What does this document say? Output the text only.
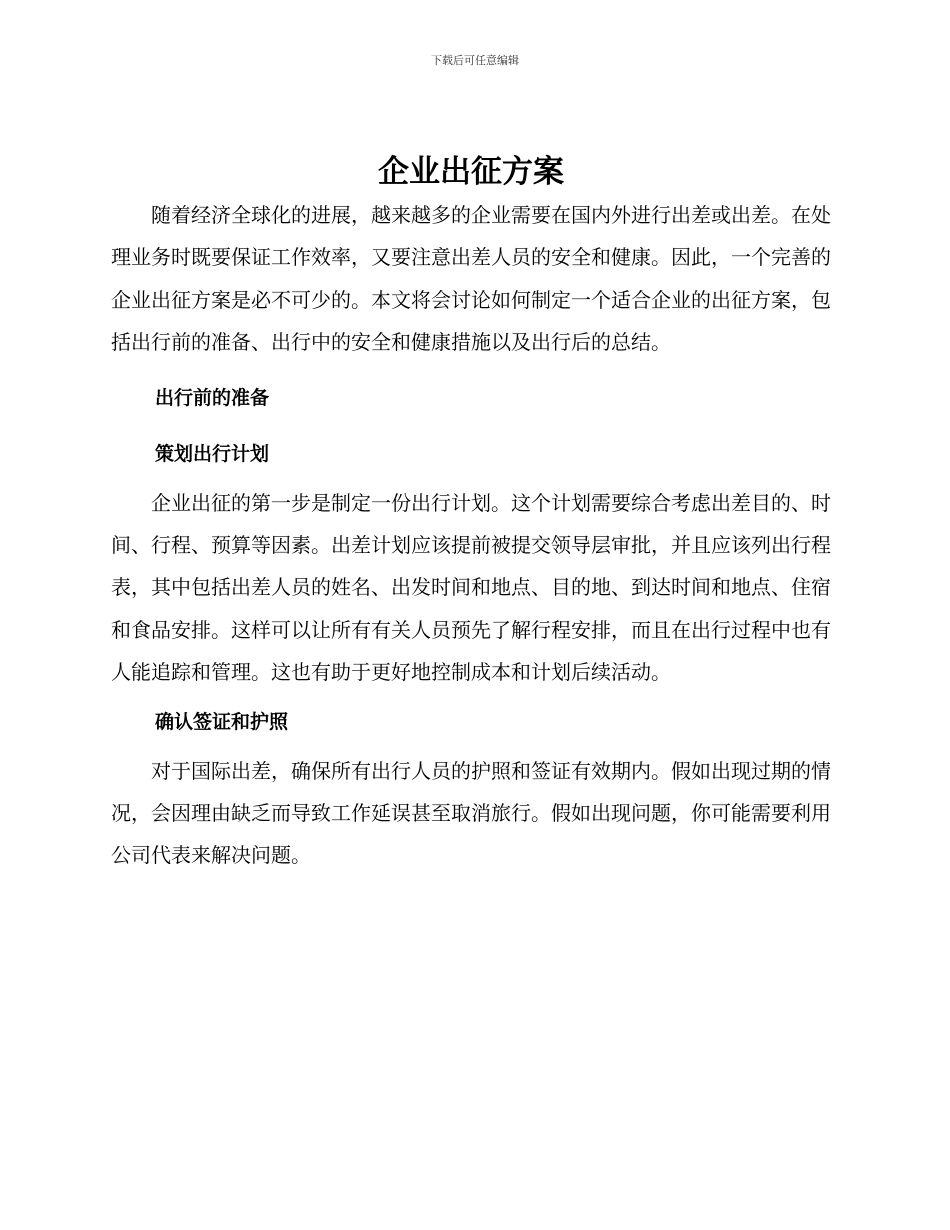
下载后可任意编辑
企业出征方案

随着经济全球化的进展，越来越多的企业需要在国内外进行出差或出差。在处理业务时既要保证工作效率，又要注意出差人员的安全和健康。因此，一个完善的企业出征方案是必不可少的。本文将会讨论如何制定一个适合企业的出征方案，包括出行前的准备、出行中的安全和健康措施以及出行后的总结。

出行前的准备
策划出行计划

企业出征的第一步是制定一份出行计划。这个计划需要综合考虑出差目的、时间、行程、预算等因素。出差计划应该提前被提交领导层审批，并且应该列出行程表，其中包括出差人员的姓名、出发时间和地点、目的地、到达时间和地点、住宿和食品安排。这样可以让所有有关人员预先了解行程安排，而且在出行过程中也有人能追踪和管理。这也有助于更好地控制成本和计划后续活动。

确认签证和护照

对于国际出差，确保所有出行人员的护照和签证有效期内。假如出现过期的情况，会因理由缺乏而导致工作延误甚至取消旅行。假如出现问题，你可能需要利用公司代表来解决问题。
